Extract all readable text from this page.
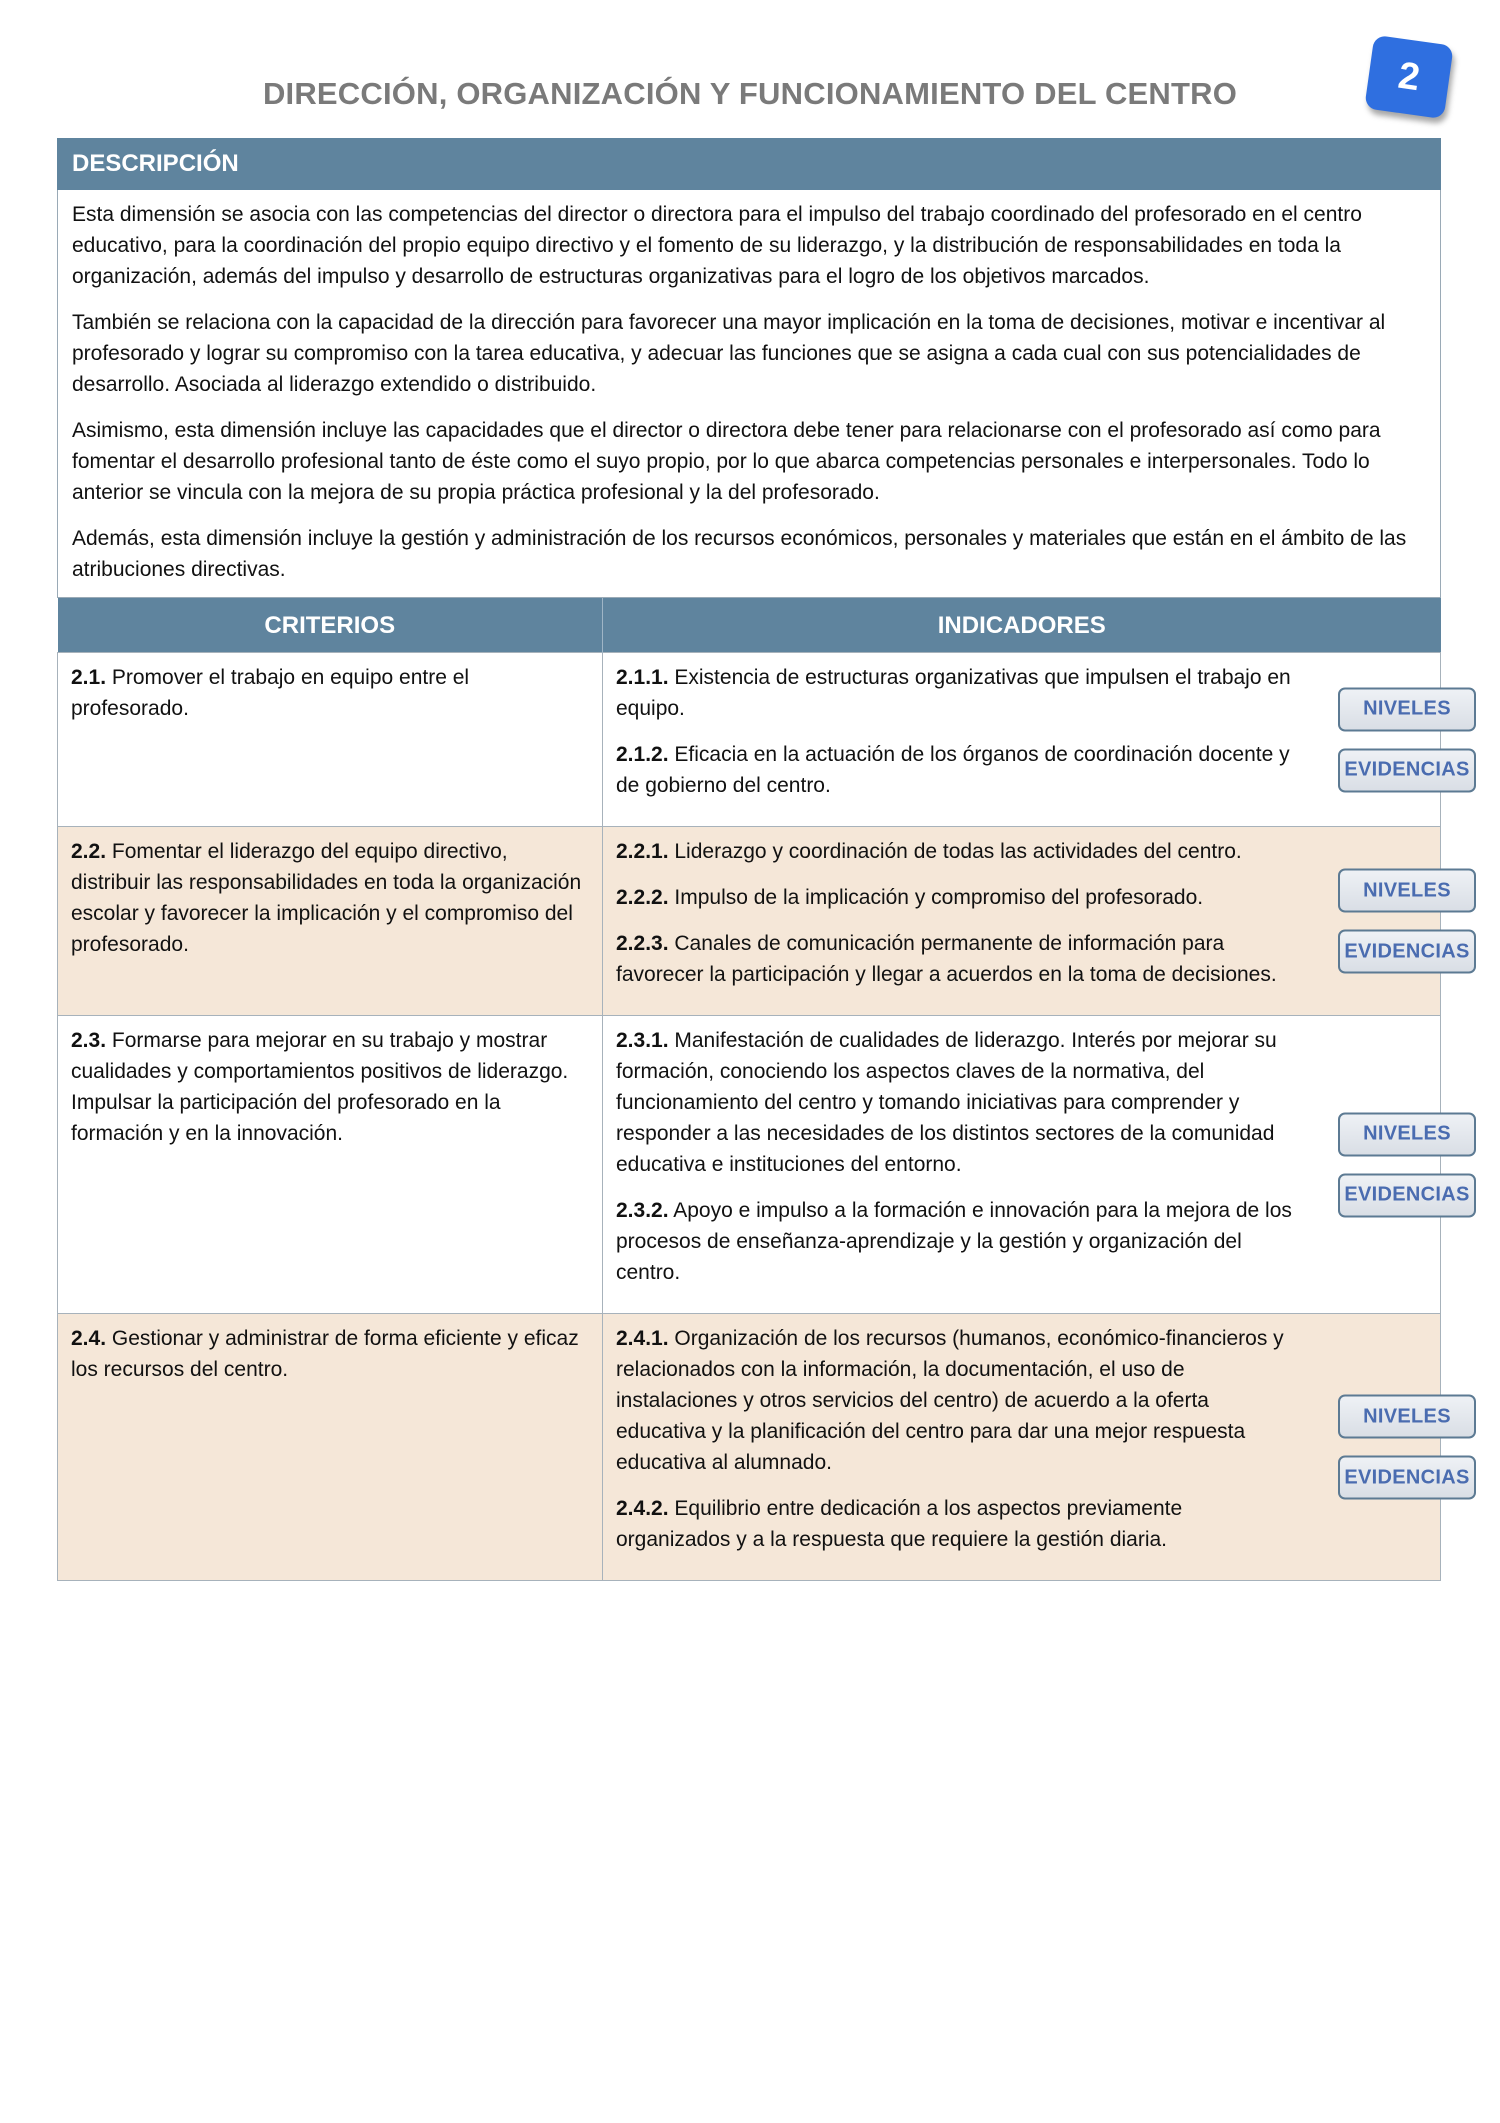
DIRECCIÓN, ORGANIZACIÓN Y FUNCIONAMIENTO DEL CENTRO	2
DESCRIPCIÓN

Esta dimensión se asocia con las competencias del director o directora para el impulso del trabajo coordinado del profesorado en el centro educativo, para la coordinación del propio equipo directivo y el fomento de su liderazgo, y la distribución de responsabilidades en toda la organización, además del impulso y desarrollo de estructuras organizativas para el logro de los objetivos marcados.

También se relaciona con la capacidad de la dirección para favorecer una mayor implicación en la toma de decisiones, motivar e incentivar al profesorado y lograr su compromiso con la tarea educativa, y adecuar las funciones que se asigna a cada cual con sus potencialidades de desarrollo. Asociada al liderazgo extendido o distribuido.

Asimismo, esta dimensión incluye las capacidades que el director o directora debe tener para relacionarse con el profesorado así como para fomentar el desarrollo profesional tanto de éste como el suyo propio, por lo que abarca competencias personales e interpersonales. Todo lo anterior se vincula con la mejora de su propia práctica profesional y la del profesorado.

Además, esta dimensión incluye la gestión y administración de los recursos económicos, personales y materiales que están en el ámbito de las atribuciones directivas.

CRITERIOS	INDICADORES
2.1. Promover el trabajo en equipo entre el profesorado.	2.1.1. Existencia de estructuras organizativas que impulsen el trabajo en equipo.
2.1.2. Eficacia en la actuación de los órganos de coordinación docente y de gobierno del centro.
NIVELES
EVIDENCIAS

2.2. Fomentar el liderazgo del equipo directivo, distribuir las responsabilidades en toda la organización escolar y favorecer la implicación y el compromiso del profesorado.	2.2.1. Liderazgo y coordinación de todas las actividades del centro.
2.2.2. Impulso de la implicación y compromiso del profesorado.
2.2.3. Canales de comunicación permanente de información para favorecer la participación y llegar a acuerdos en la toma de decisiones.
NIVELES
EVIDENCIAS

2.3. Formarse para mejorar en su trabajo y mostrar cualidades y comportamientos positivos de liderazgo. Impulsar la participación del profesorado en la formación y en la innovación.	2.3.1. Manifestación de cualidades de liderazgo. Interés por mejorar su formación, conociendo los aspectos claves de la normativa, del funcionamiento del centro y tomando iniciativas para comprender y responder a las necesidades de los distintos sectores de la comunidad educativa e instituciones del entorno.
2.3.2. Apoyo e impulso a la formación e innovación para la mejora de los procesos de enseñanza-aprendizaje y la gestión y organización del centro.
NIVELES
EVIDENCIAS

2.4. Gestionar y administrar de forma eficiente y eficaz los recursos del centro.	2.4.1. Organización de los recursos (humanos, económico-financieros y relacionados con la información, la documentación, el uso de instalaciones y otros servicios del centro) de acuerdo a la oferta educativa y la planificación del centro para dar una mejor respuesta educativa al alumnado.
2.4.2. Equilibrio entre dedicación a los aspectos previamente organizados y a la respuesta que requiere la gestión diaria.
NIVELES
EVIDENCIAS
